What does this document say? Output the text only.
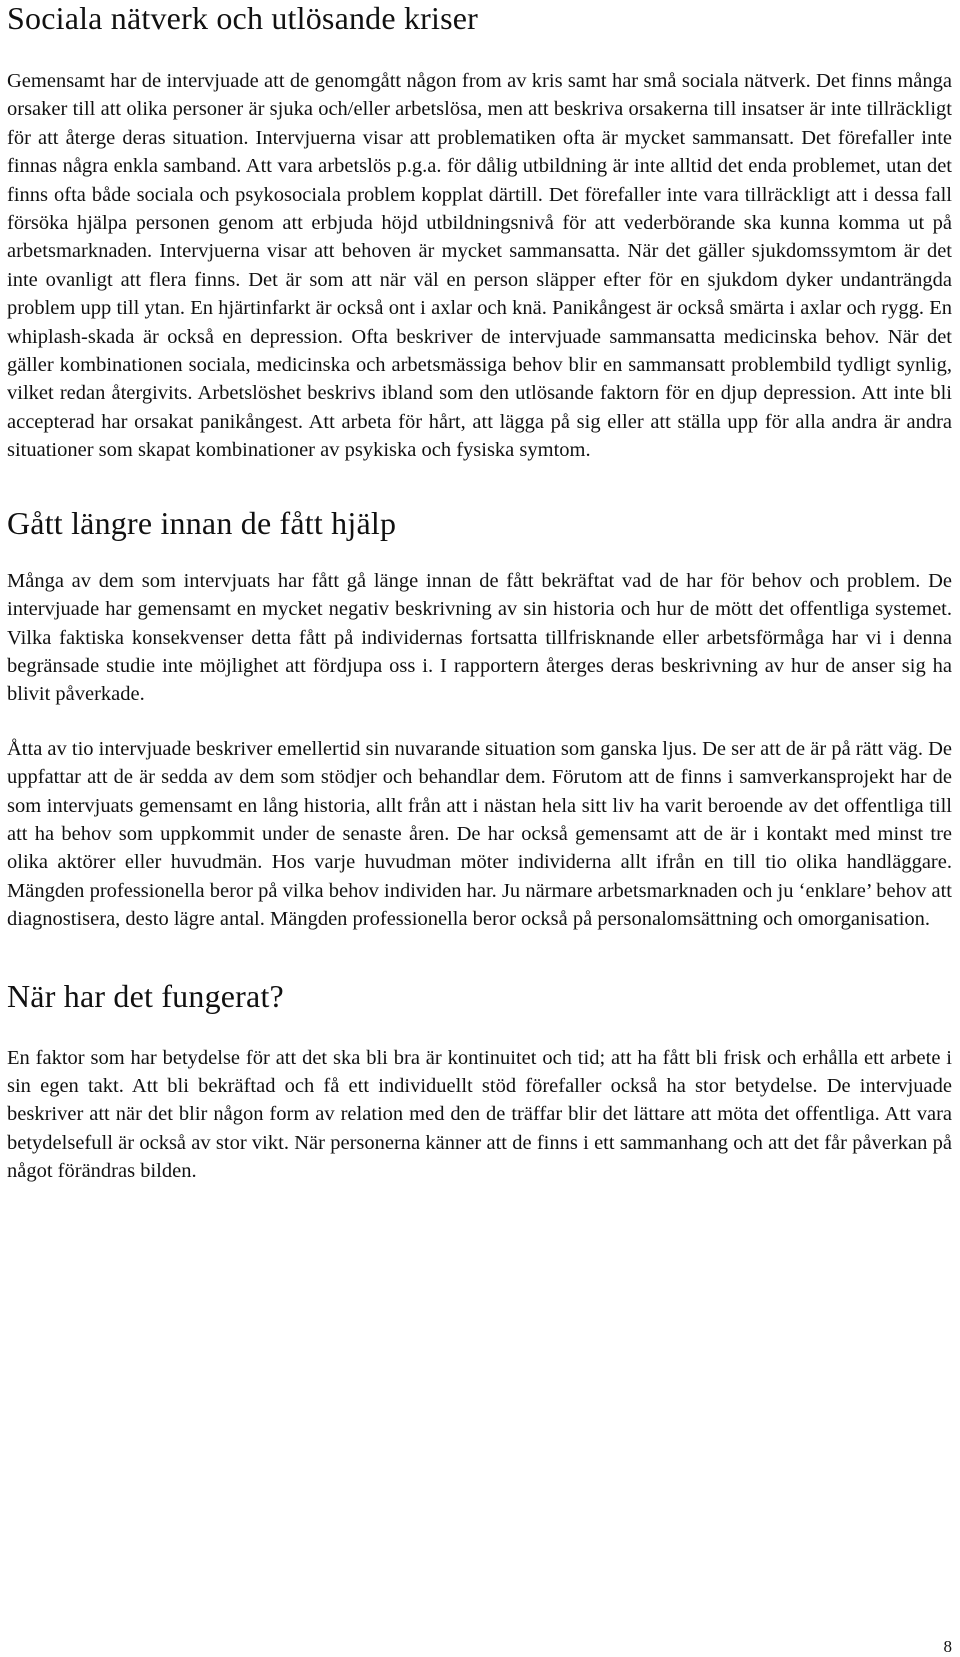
Sociala nätverk och utlösande kriser

Gemensamt har de intervjuade att de genomgått någon from av kris samt har små sociala nätverk. Det finns många orsaker till att olika personer är sjuka och/eller arbetslösa, men att beskriva orsakerna till insatser är inte tillräckligt för att återge deras situation. Intervjuerna visar att problematiken ofta är mycket sammansatt. Det förefaller inte finnas några enkla samband. Att vara arbetslös p.g.a. för dålig utbildning är inte alltid det enda problemet, utan det finns ofta både sociala och psykosociala problem kopplat därtill. Det förefaller inte vara tillräckligt att i dessa fall försöka hjälpa personen genom att erbjuda höjd utbildningsnivå för att vederbörande ska kunna komma ut på arbetsmarknaden. Intervjuerna visar att behoven är mycket sammansatta. När det gäller sjukdomssymtom är det inte ovanligt att flera finns. Det är som att när väl en person släpper efter för en sjukdom dyker undanträngda problem upp till ytan. En hjärtinfarkt är också ont i axlar och knä. Panikångest är också smärta i axlar och rygg. En whiplash-skada är också en depression. Ofta beskriver de intervjuade sammansatta medicinska behov. När det gäller kombinationen sociala, medicinska och arbetsmässiga behov blir en sammansatt problembild tydligt synlig, vilket redan återgivits. Arbetslöshet beskrivs ibland som den utlösande faktorn för en djup depression. Att inte bli accepterad har orsakat panikångest. Att arbeta för hårt, att lägga på sig eller att ställa upp för alla andra är andra situationer som skapat kombinationer av psykiska och fysiska symtom.

Gått längre innan de fått hjälp

Många av dem som intervjuats har fått gå länge innan de fått bekräftat vad de har för behov och problem. De intervjuade har gemensamt en mycket negativ beskrivning av sin historia och hur de mött det offentliga systemet. Vilka faktiska konsekvenser detta fått på individernas fortsatta tillfrisknande eller arbetsförmåga har vi i denna begränsade studie inte möjlighet att fördjupa oss i. I rapportern återges deras beskrivning av hur de anser sig ha blivit påverkade.

Åtta av tio intervjuade beskriver emellertid sin nuvarande situation som ganska ljus. De ser att de är på rätt väg. De uppfattar att de är sedda av dem som stödjer och behandlar dem. Förutom att de finns i samverkansprojekt har de som intervjuats gemensamt en lång historia, allt från att i nästan hela sitt liv ha varit beroende av det offentliga till att ha behov som uppkommit under de senaste åren. De har också gemensamt att de är i kontakt med minst tre olika aktörer eller huvudmän. Hos varje huvudman möter individerna allt ifrån en till tio olika handläggare. Mängden professionella beror på vilka behov individen har. Ju närmare arbetsmarknaden och ju ‘enklare’ behov att diagnostisera, desto lägre antal. Mängden professionella beror också på personalomsättning och omorganisation.

När har det fungerat?

En faktor som har betydelse för att det ska bli bra är kontinuitet och tid; att ha fått bli frisk och erhålla ett arbete i sin egen takt. Att bli bekräftad och få ett individuellt stöd förefaller också ha stor betydelse. De intervjuade beskriver att när det blir någon form av relation med den de träffar blir det lättare att möta det offentliga. Att vara betydelsefull är också av stor vikt. När personerna känner att de finns i ett sammanhang och att det får påverkan på något förändras bilden.

8
